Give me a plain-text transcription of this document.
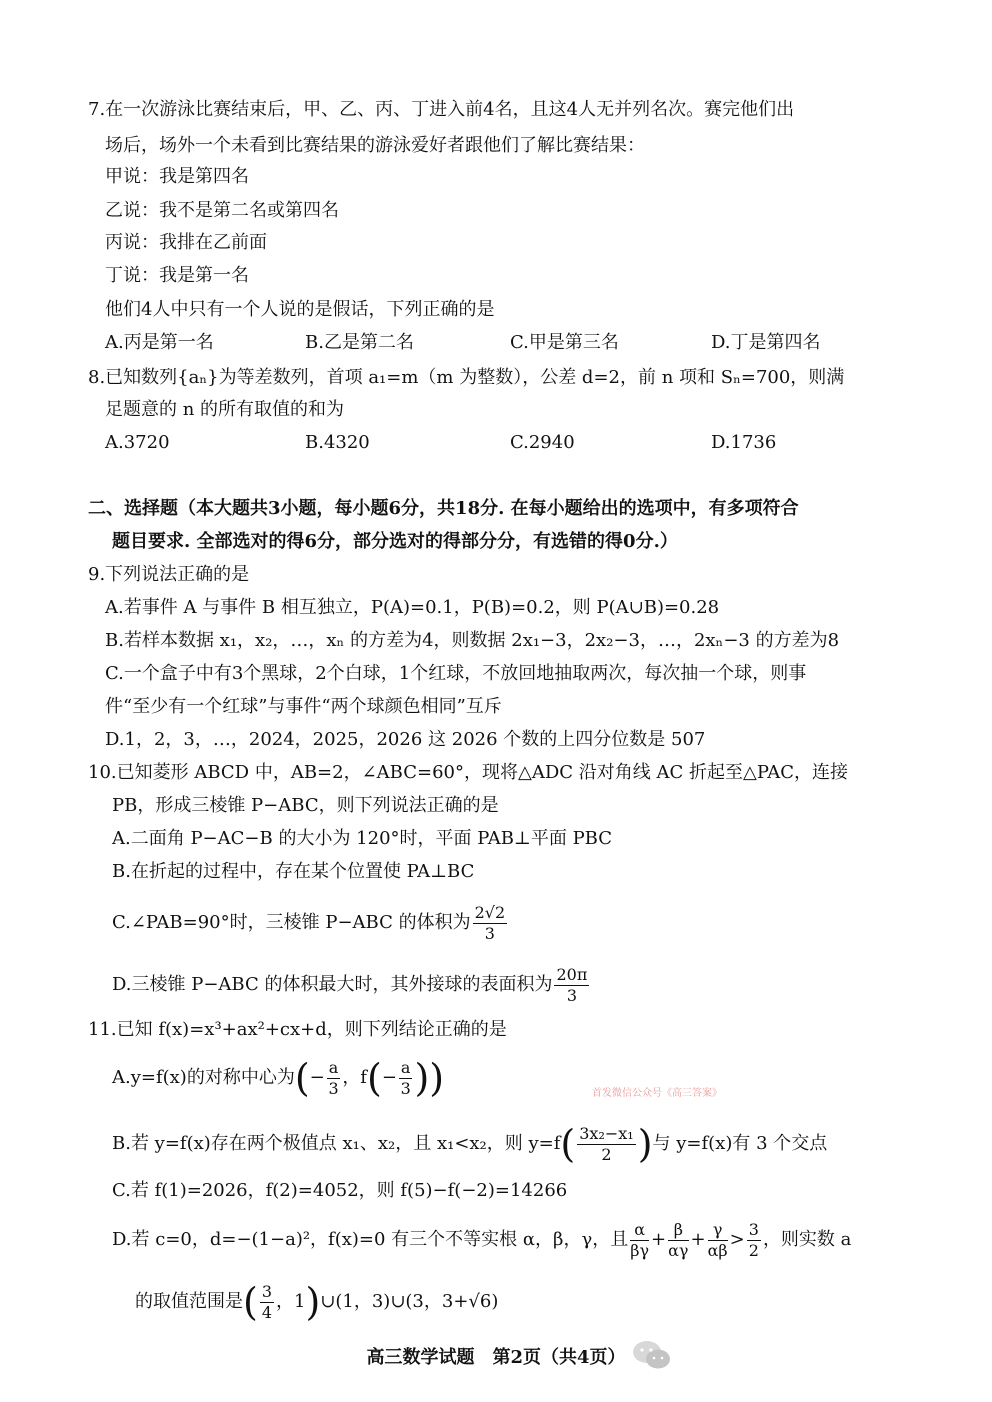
7.在一次游泳比赛结束后，甲、乙、丙、丁进入前4名，且这4人无并列名次。赛完他们出
场后，场外一个未看到比赛结果的游泳爱好者跟他们了解比赛结果：
甲说：我是第四名
乙说：我不是第二名或第四名
丙说：我排在乙前面
丁说：我是第一名
他们4人中只有一个人说的是假话，下列正确的是
A.丙是第一名	B.乙是第二名	C.甲是第三名	D.丁是第四名
8.已知数列{aₙ}为等差数列，首项 a₁=m（m 为整数），公差 d=2，前 n 项和 Sₙ=700，则满
足题意的 n 的所有取值的和为
A.3720	B.4320	C.2940	D.1736
二、选择题（本大题共3小题，每小题6分，共18分. 在每小题给出的选项中，有多项符合
题目要求. 全部选对的得6分，部分选对的得部分分，有选错的得0分.）
9.下列说法正确的是
A.若事件 A 与事件 B 相互独立，P(A)=0.1，P(B)=0.2，则 P(A∪B)=0.28
B.若样本数据 x₁，x₂，…，xₙ 的方差为4，则数据 2x₁−3，2x₂−3，…，2xₙ−3 的方差为8
C.一个盒子中有3个黑球，2个白球，1个红球，不放回地抽取两次，每次抽一个球，则事
件“至少有一个红球”与事件“两个球颜色相同”互斥
D.1，2，3，…，2024，2025，2026 这 2026 个数的上四分位数是 507
10.已知菱形 ABCD 中，AB=2，∠ABC=60°，现将△ADC 沿对角线 AC 折起至△PAC，连接
PB，形成三棱锥 P−ABC，则下列说法正确的是
A.二面角 P−AC−B 的大小为 120°时，平面 PAB⊥平面 PBC
B.在折起的过程中，存在某个位置使 PA⊥BC
C.∠PAB=90°时，三棱锥 P−ABC 的体积为 $\frac{2√2}{3}$
D.三棱锥 P−ABC 的体积最大时，其外接球的表面积为 $\frac{20\pi}{3}$
11.已知 f(x)=x³+ax²+cx+d，则下列结论正确的是
A.y=f(x)的对称中心为(− $\frac{a}{3}$ ，$f(- \frac{a}{3}$ ))	首发微信公众号《高三答案》
B.若 y=f(x)存在两个极值点 x₁、x₂，且 x₁<x₂，则 $y=f( \frac{\text{3x₂−x₁}}{2}$ )与 y=f(x)有 3 个交点
C.若 f(1)=2026，f(2)=4052，则 f(5)−f(−2)=14266
D.若 c=0，d=−(1−a)²，f(x)=0 有三个不等实根 α，β，γ，且 $\frac{\alpha}{\beta\gamma} + \frac{\beta}{\alpha\gamma} + \frac{\gamma}{\alpha\beta} > \frac{3}{2}$ ，则实数 a
的取值范围是( $\frac{3}{4}$ ，1)∪(1，3)∪(3，3+√6)
高三数学试题　第2页（共4页）
